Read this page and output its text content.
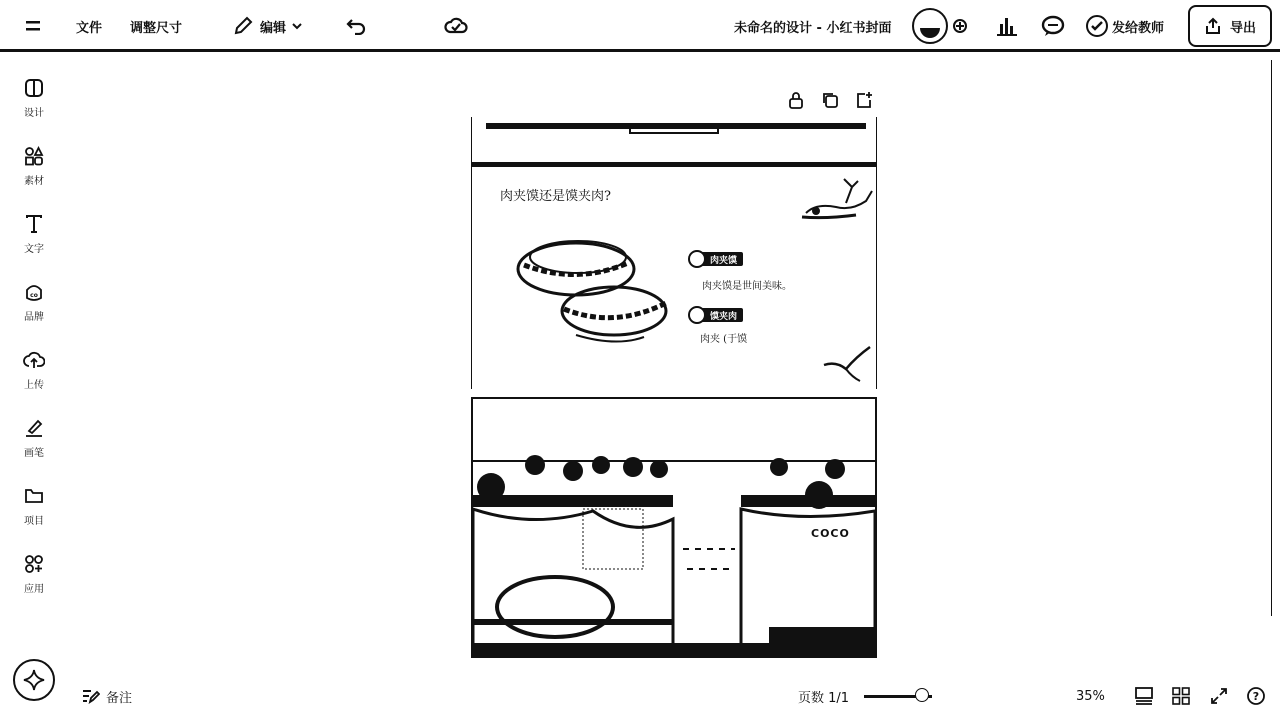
文件 调整尺寸	编辑	未命名的设计 - 小红书封面	发给教师	导出
设计
素材
文字
co
品牌
上传
画笔
项目
应用
肉夹馍还是馍夹肉?
肉夹馍
肉夹馍是世间美味。
馍夹肉
肉夹 (于馍
COCO
备注	页数 1/1	35%	?
